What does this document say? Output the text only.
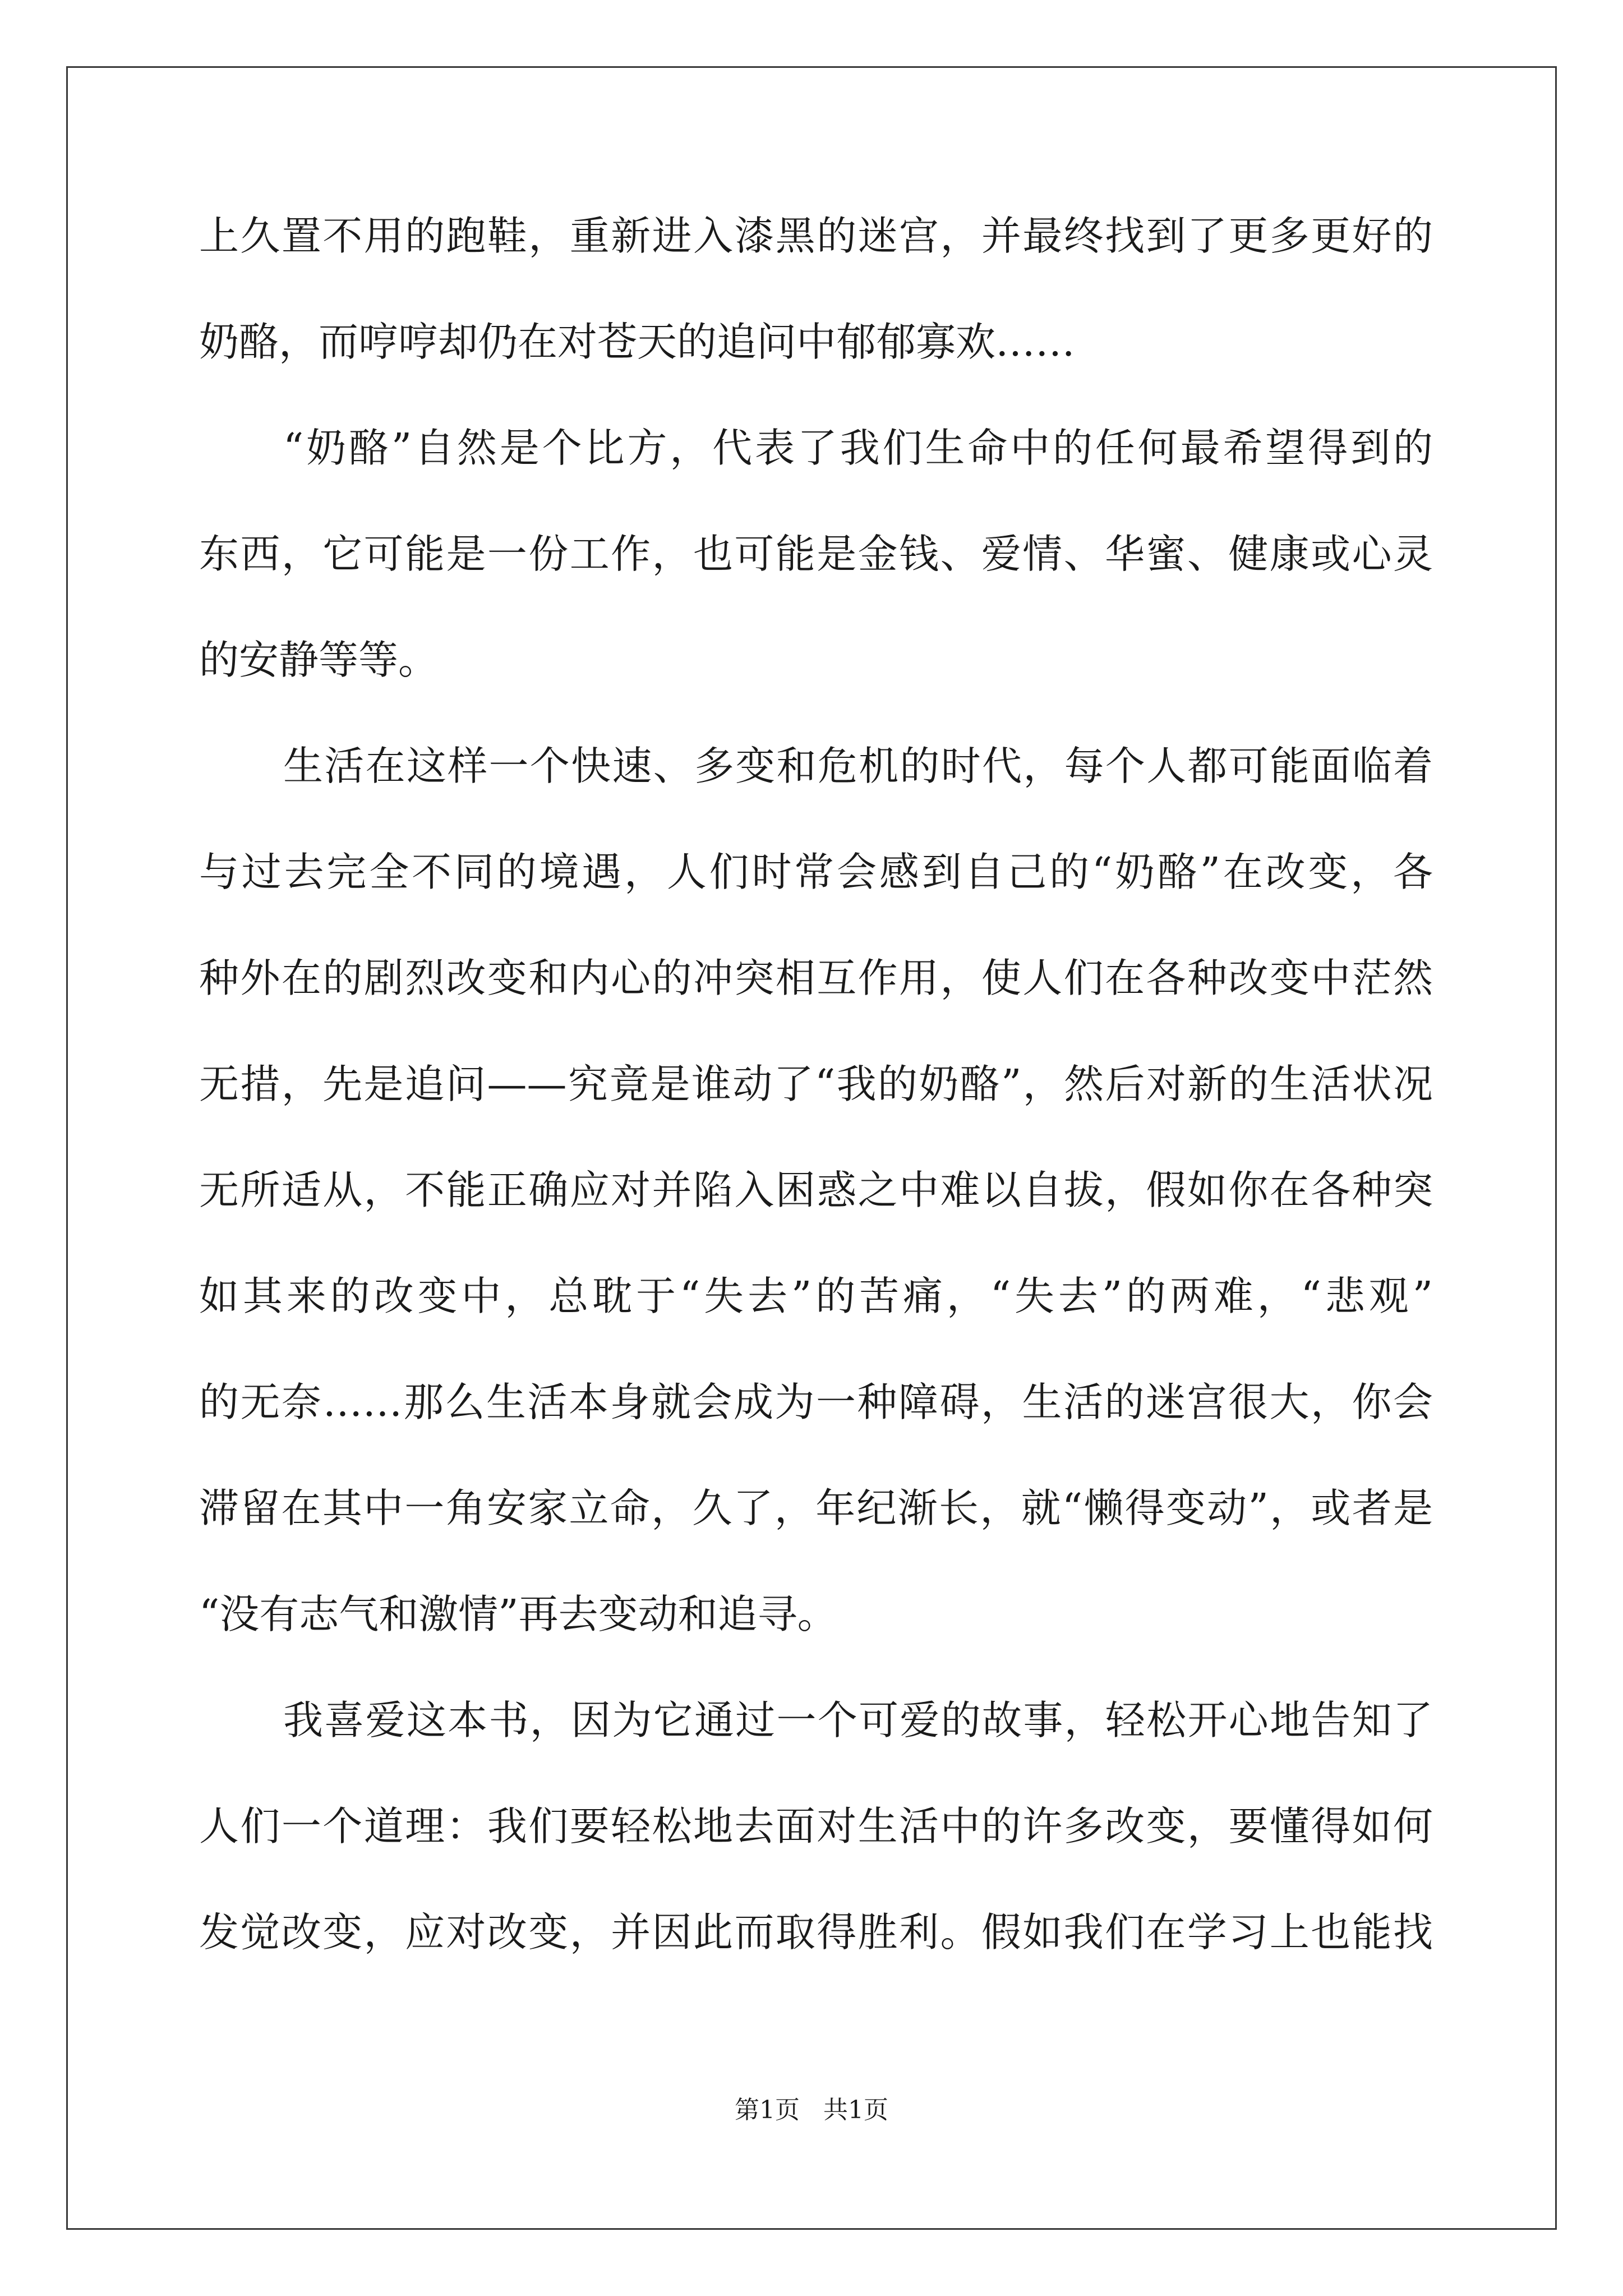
上久置不用的跑鞋，重新进入漆黑的迷宫，并最终找到了更多更好的
奶酪，而哼哼却仍在对苍天的追问中郁郁寡欢……
“奶酪”自然是个比方，代表了我们生命中的任何最希望得到的
东西，它可能是一份工作，也可能是金钱、爱情、华蜜、健康或心灵
的安静等等。
生活在这样一个快速、多变和危机的时代，每个人都可能面临着
与过去完全不同的境遇，人们时常会感到自己的“奶酪”在改变，各
种外在的剧烈改变和内心的冲突相互作用，使人们在各种改变中茫然
无措，先是追问——究竟是谁动了“我的奶酪”，然后对新的生活状况
无所适从，不能正确应对并陷入困惑之中难以自拔，假如你在各种突
如其来的改变中，总耽于“失去”的苦痛，“失去”的两难，“悲观”
的无奈……那么生活本身就会成为一种障碍，生活的迷宫很大，你会
滞留在其中一角安家立命，久了，年纪渐长，就“懒得变动”，或者是
“没有志气和激情”再去变动和追寻。
我喜爱这本书，因为它通过一个可爱的故事，轻松开心地告知了
人们一个道理：我们要轻松地去面对生活中的许多改变，要懂得如何
发觉改变，应对改变，并因此而取得胜利。假如我们在学习上也能找
第1页   共1页
